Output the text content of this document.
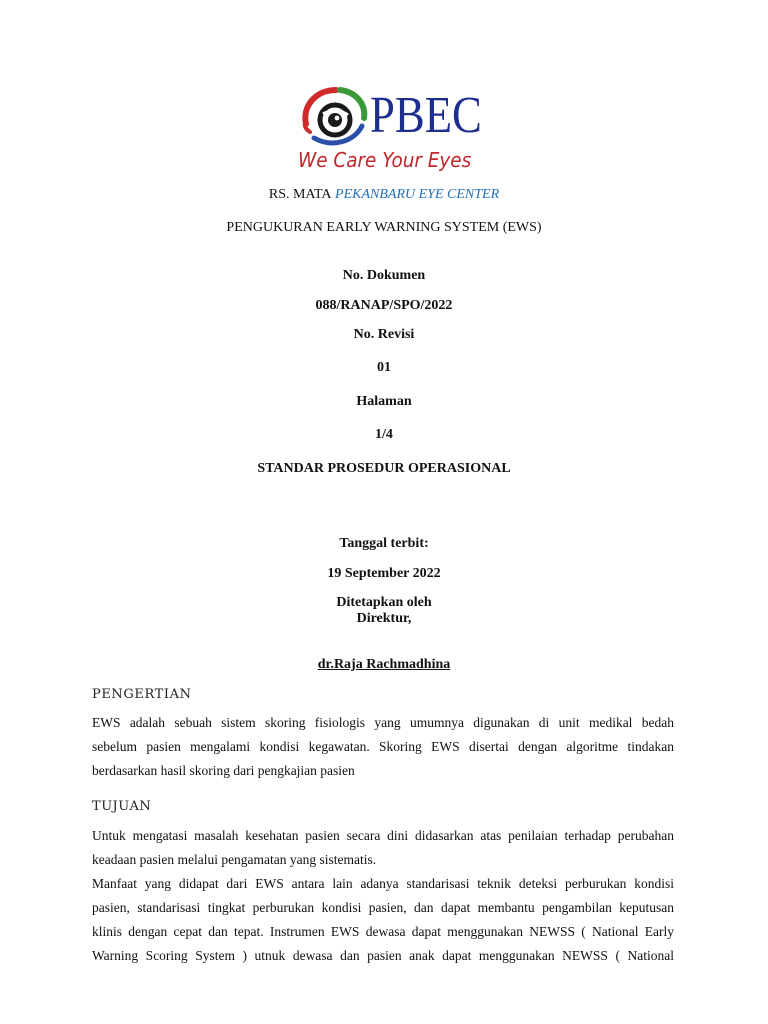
PBEC
We Care Your Eyes
RS. MATA PEKANBARU EYE CENTER
PENGUKURAN EARLY WARNING SYSTEM (EWS)
No. Dokumen
088/RANAP/SPO/2022
No. Revisi
01
Halaman
1/4
STANDAR PROSEDUR OPERASIONAL
Tanggal terbit:
19 September 2022
Ditetapkan oleh
Direktur,
dr.Raja Rachmadhina
PENGERTIAN
EWS adalah sebuah sistem skoring fisiologis yang umumnya digunakan di unit medikal bedah
sebelum pasien mengalami kondisi kegawatan. Skoring EWS disertai dengan algoritme tindakan
berdasarkan hasil skoring dari pengkajian pasien
TUJUAN
Untuk mengatasi masalah kesehatan pasien secara dini didasarkan atas penilaian terhadap perubahan
keadaan pasien melalui pengamatan yang sistematis.
Manfaat yang didapat dari EWS antara lain adanya standarisasi teknik deteksi perburukan kondisi
pasien, standarisasi tingkat perburukan kondisi pasien, dan dapat membantu pengambilan keputusan
klinis dengan cepat dan tepat. Instrumen EWS dewasa dapat menggunakan NEWSS ( National Early
Warning Scoring System ) utnuk dewasa dan pasien anak dapat menggunakan NEWSS ( National
